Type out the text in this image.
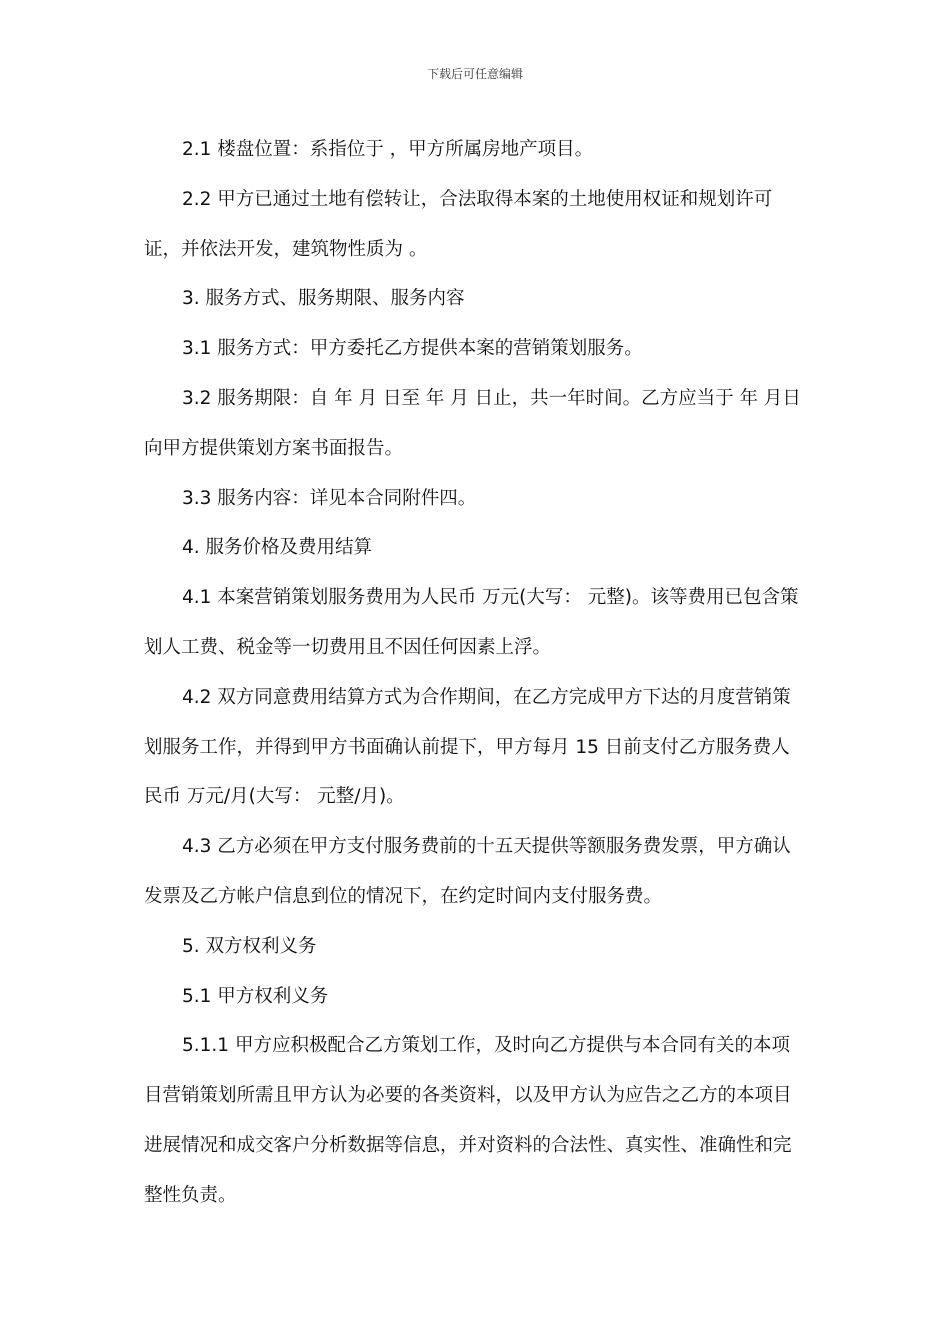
下载后可任意编辑

2.1 楼盘位置：系指位于 ，甲方所属房地产项目。

2.2 甲方已通过土地有偿转让，合法取得本案的土地使用权证和规划许可证，并依法开发，建筑物性质为 。

3. 服务方式、服务期限、服务内容

3.1 服务方式：甲方委托乙方提供本案的营销策划服务。

3.2 服务期限：自 年 月 日至 年 月 日止，共一年时间。乙方应当于 年 月日向甲方提供策划方案书面报告。

3.3 服务内容：详见本合同附件四。

4. 服务价格及费用结算

4.1 本案营销策划服务费用为人民币 万元(大写： 元整)。该等费用已包含策划人工费、税金等一切费用且不因任何因素上浮。

4.2 双方同意费用结算方式为合作期间，在乙方完成甲方下达的月度营销策划服务工作，并得到甲方书面确认前提下，甲方每月 15 日前支付乙方服务费人民币 万元/月(大写： 元整/月)。

4.3 乙方必须在甲方支付服务费前的十五天提供等额服务费发票，甲方确认发票及乙方帐户信息到位的情况下，在约定时间内支付服务费。

5. 双方权利义务

5.1 甲方权利义务

5.1.1 甲方应积极配合乙方策划工作，及时向乙方提供与本合同有关的本项目营销策划所需且甲方认为必要的各类资料，以及甲方认为应告之乙方的本项目进展情况和成交客户分析数据等信息，并对资料的合法性、真实性、准确性和完整性负责。
